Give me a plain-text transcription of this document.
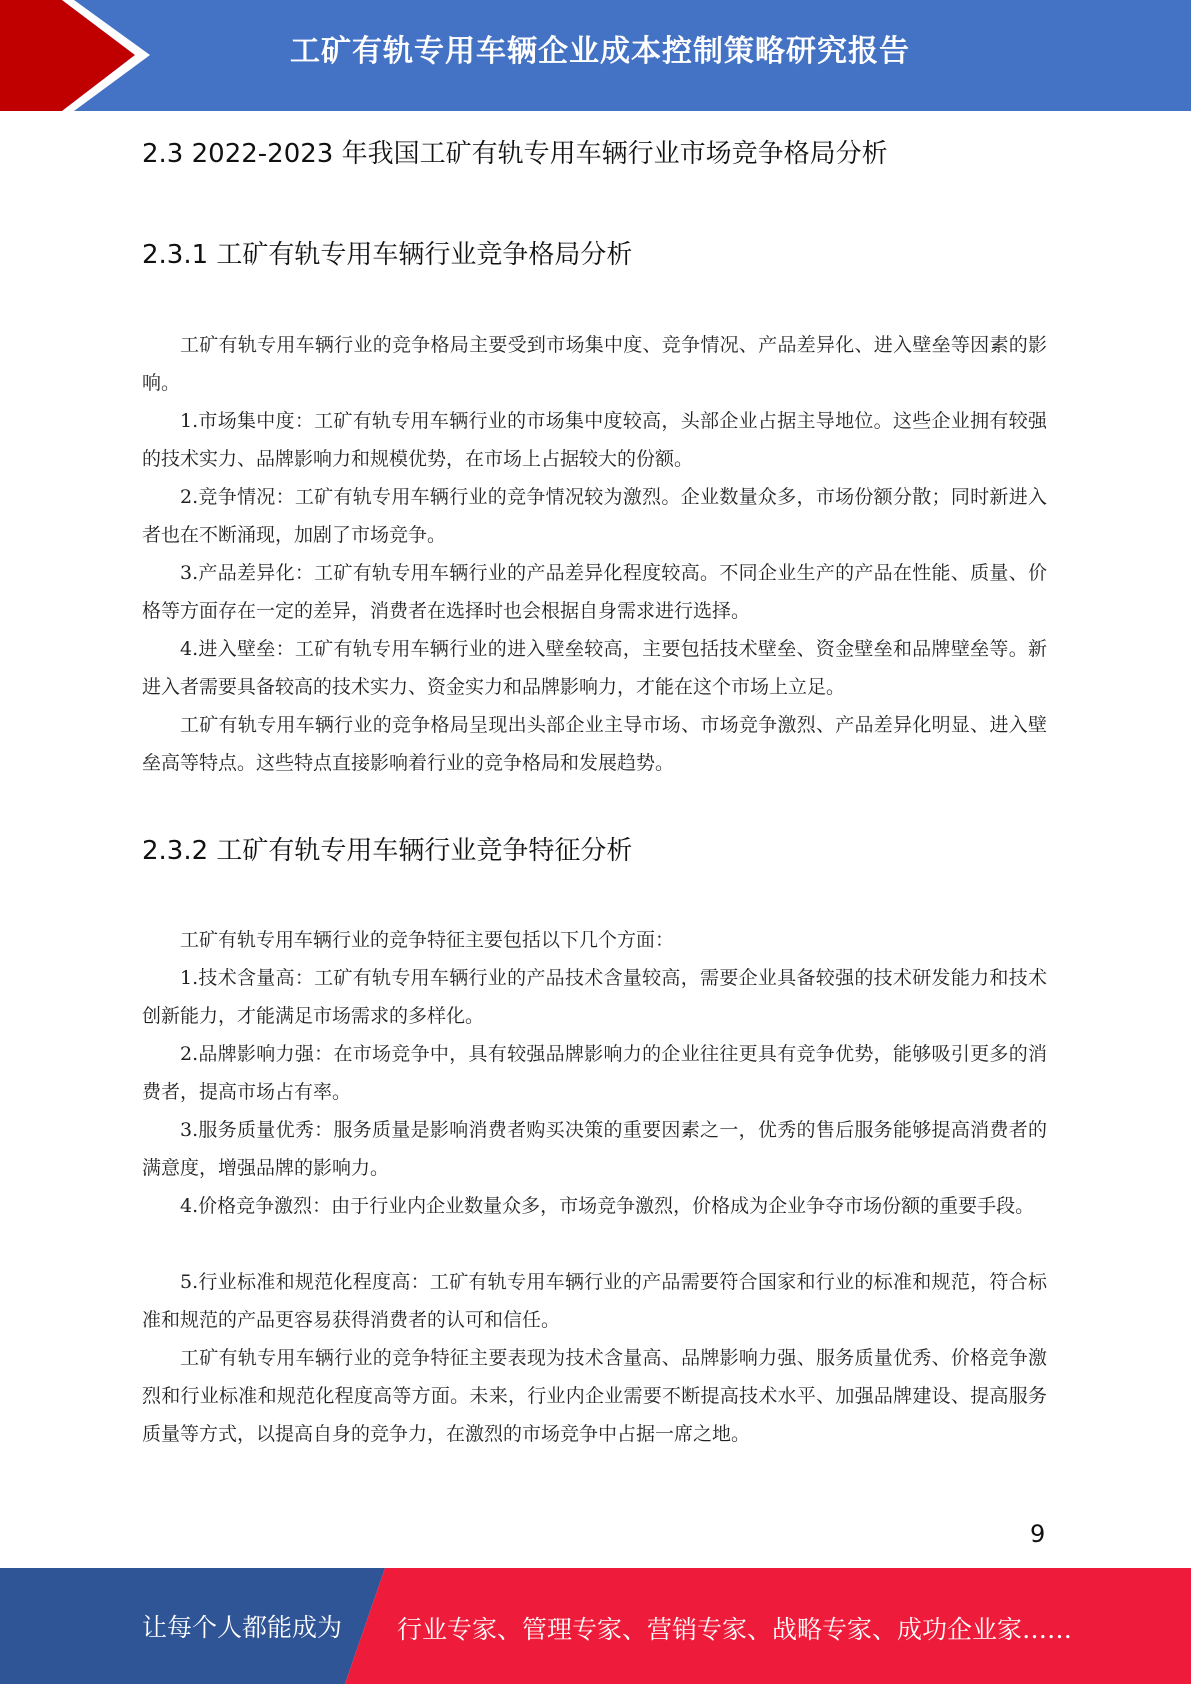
工矿有轨专用车辆企业成本控制策略研究报告
2.3 2022-2023 年我国工矿有轨专用车辆行业市场竞争格局分析
2.3.1 工矿有轨专用车辆行业竞争格局分析

工矿有轨专用车辆行业的竞争格局主要受到市场集中度、竞争情况、产品差异化、进入壁垒等因素的影响。

1.市场集中度：工矿有轨专用车辆行业的市场集中度较高，头部企业占据主导地位。这些企业拥有较强的技术实力、品牌影响力和规模优势，在市场上占据较大的份额。

2.竞争情况：工矿有轨专用车辆行业的竞争情况较为激烈。企业数量众多，市场份额分散；同时新进入者也在不断涌现，加剧了市场竞争。

3.产品差异化：工矿有轨专用车辆行业的产品差异化程度较高。不同企业生产的产品在性能、质量、价格等方面存在一定的差异，消费者在选择时也会根据自身需求进行选择。

4.进入壁垒：工矿有轨专用车辆行业的进入壁垒较高，主要包括技术壁垒、资金壁垒和品牌壁垒等。新进入者需要具备较高的技术实力、资金实力和品牌影响力，才能在这个市场上立足。

工矿有轨专用车辆行业的竞争格局呈现出头部企业主导市场、市场竞争激烈、产品差异化明显、进入壁垒高等特点。这些特点直接影响着行业的竞争格局和发展趋势。

2.3.2 工矿有轨专用车辆行业竞争特征分析

工矿有轨专用车辆行业的竞争特征主要包括以下几个方面：

1.技术含量高：工矿有轨专用车辆行业的产品技术含量较高，需要企业具备较强的技术研发能力和技术创新能力，才能满足市场需求的多样化。

2.品牌影响力强：在市场竞争中，具有较强品牌影响力的企业往往更具有竞争优势，能够吸引更多的消费者，提高市场占有率。

3.服务质量优秀：服务质量是影响消费者购买决策的重要因素之一，优秀的售后服务能够提高消费者的满意度，增强品牌的影响力。

4.价格竞争激烈：由于行业内企业数量众多，市场竞争激烈，价格成为企业争夺市场份额的重要手段。

5.行业标准和规范化程度高：工矿有轨专用车辆行业的产品需要符合国家和行业的标准和规范，符合标准和规范的产品更容易获得消费者的认可和信任。

工矿有轨专用车辆行业的竞争特征主要表现为技术含量高、品牌影响力强、服务质量优秀、价格竞争激烈和行业标准和规范化程度高等方面。未来，行业内企业需要不断提高技术水平、加强品牌建设、提高服务质量等方式，以提高自身的竞争力，在激烈的市场竞争中占据一席之地。

9
让每个人都能成为 行业专家、管理专家、营销专家、战略专家、成功企业家……
